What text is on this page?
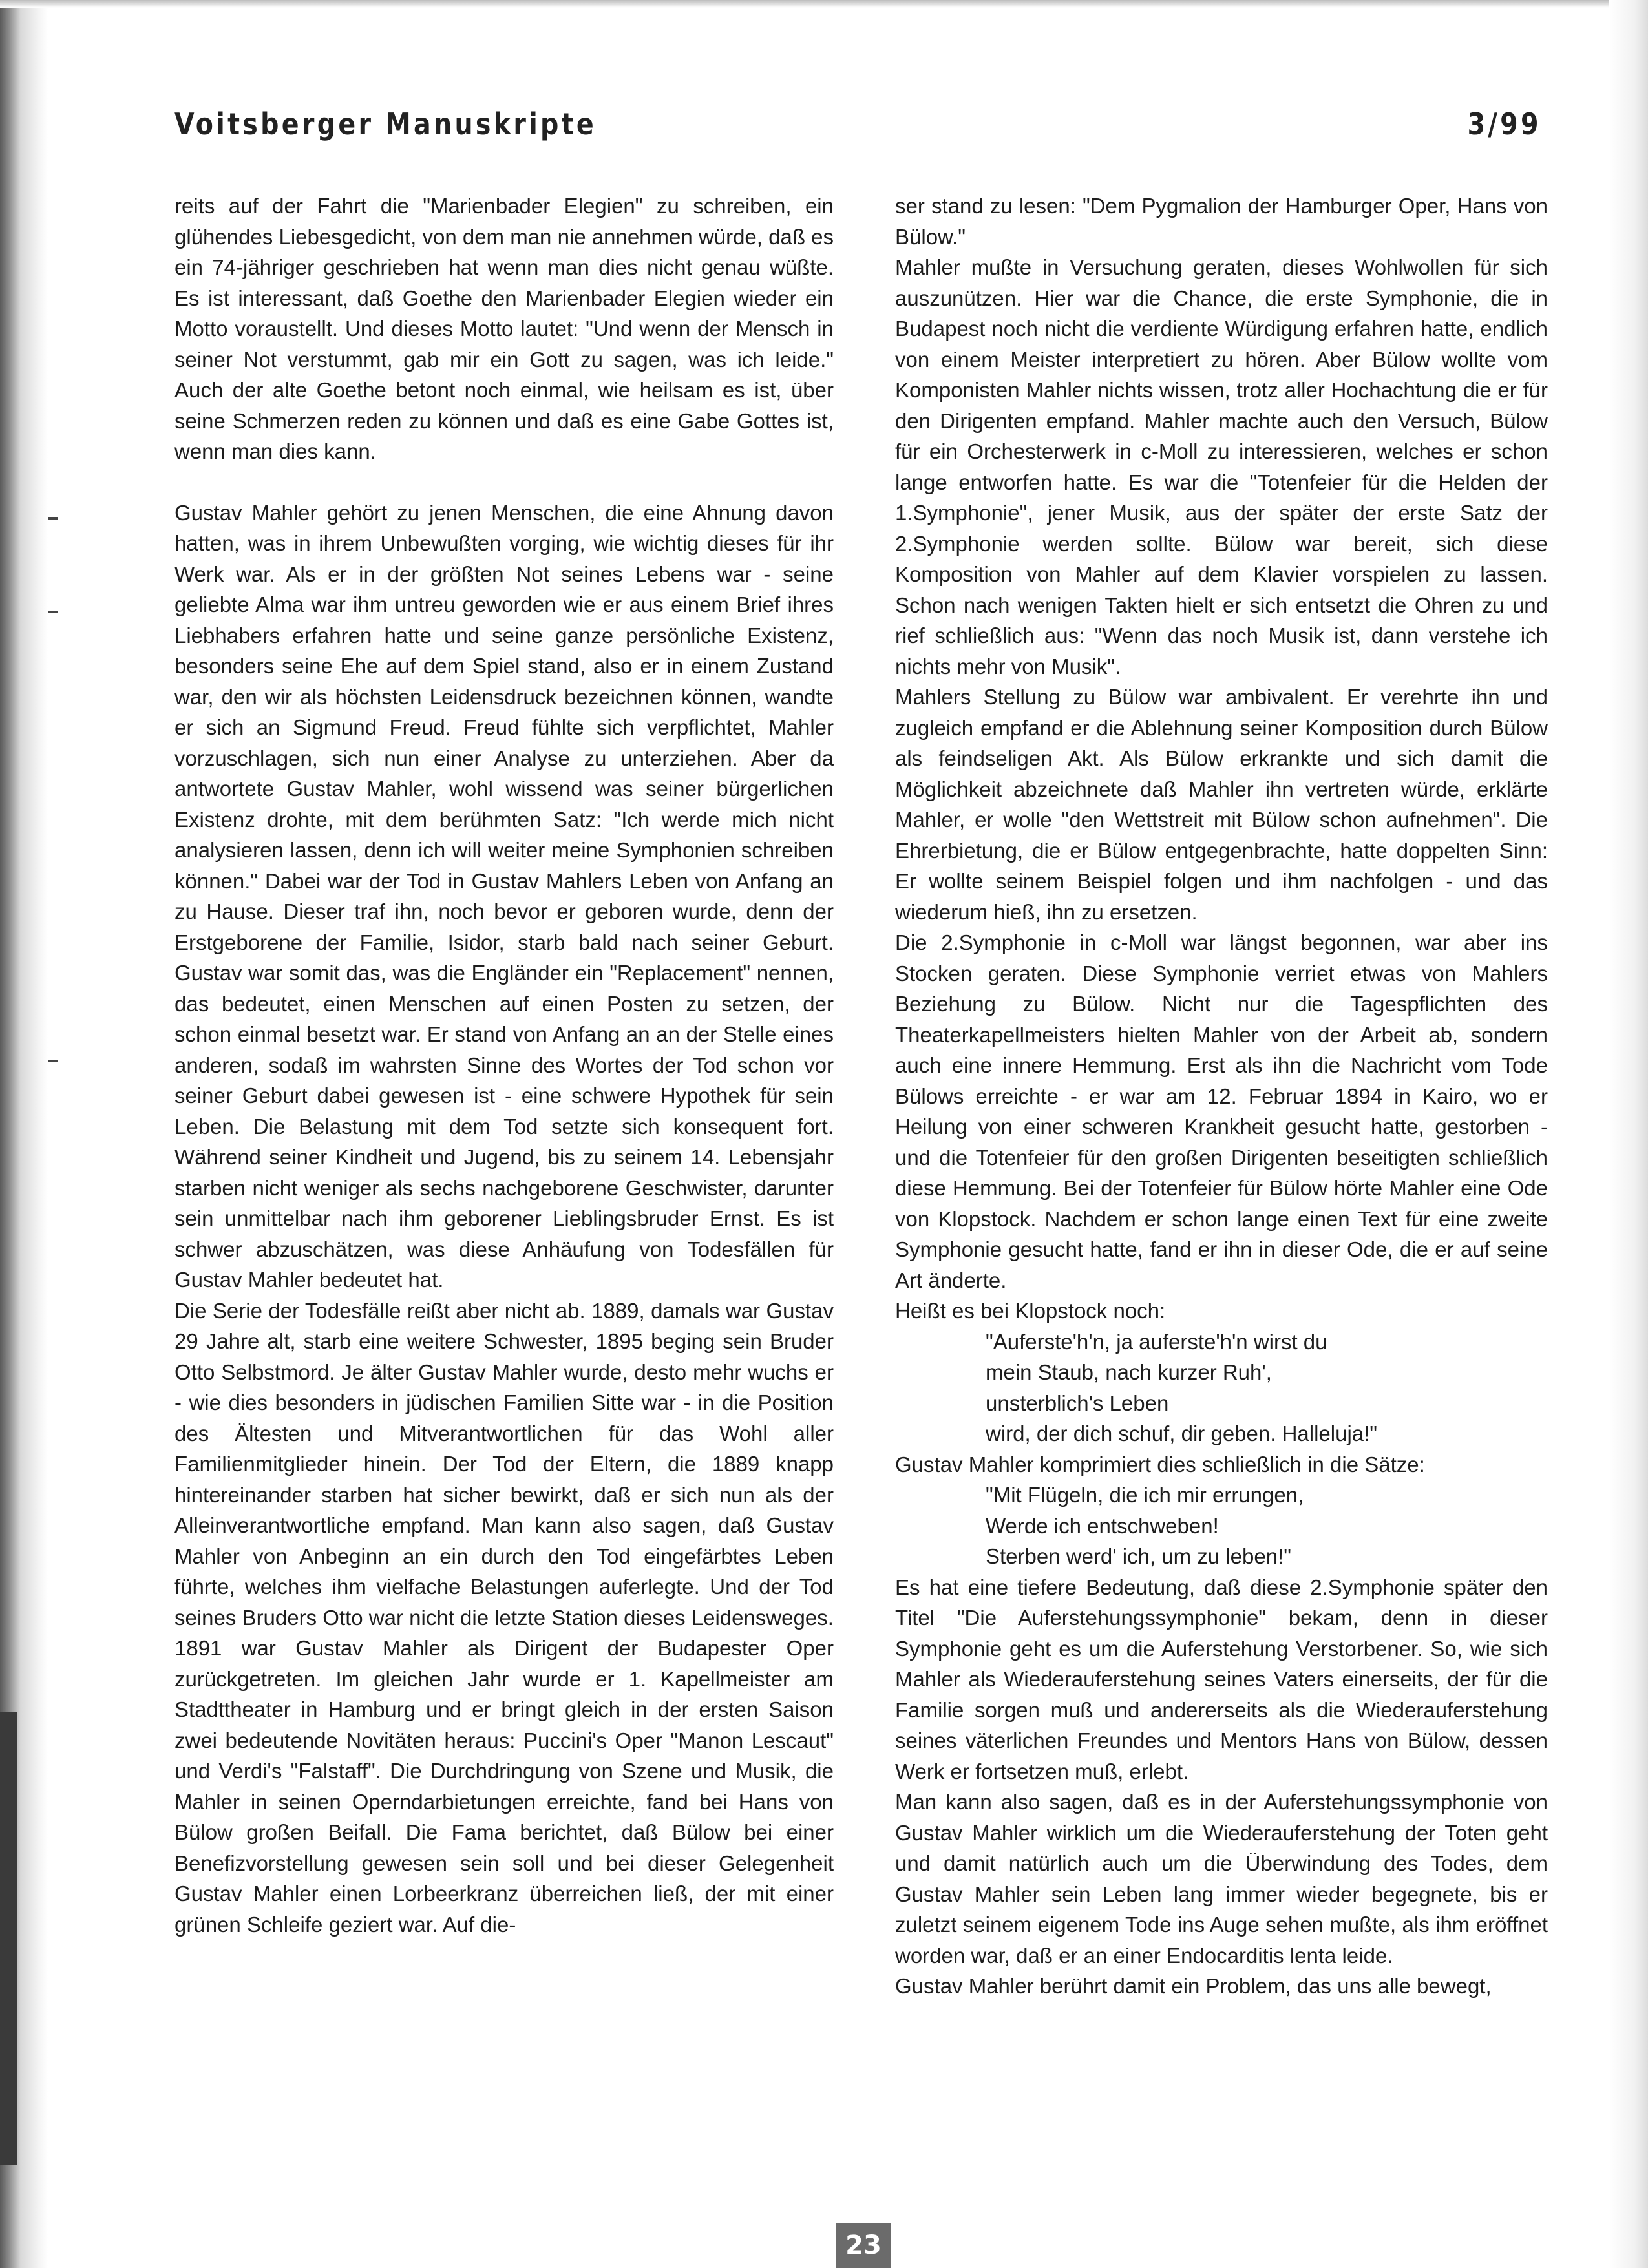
Voitsberger Manuskripte	3/99

reits auf der Fahrt die "Marienbader Elegien" zu schreiben, ein glühendes Liebesgedicht, von dem man nie annehmen würde, daß es ein 74-jähriger geschrieben hat wenn man dies nicht genau wüßte. Es ist interessant, daß Goethe den Marienbader Elegien wieder ein Motto voraustellt. Und dieses Motto lautet: "Und wenn der Mensch in seiner Not verstummt, gab mir ein Gott zu sagen, was ich leide." Auch der alte Goethe betont noch einmal, wie heilsam es ist, über seine Schmerzen reden zu können und daß es eine Gabe Gottes ist, wenn man dies kann.

Gustav Mahler gehört zu jenen Menschen, die eine Ahnung davon hatten, was in ihrem Unbewußten vorging, wie wichtig dieses für ihr Werk war. Als er in der größten Not seines Lebens war - seine geliebte Alma war ihm untreu geworden wie er aus einem Brief ihres Liebhabers erfahren hatte und seine ganze persönliche Existenz, besonders seine Ehe auf dem Spiel stand, also er in einem Zustand war, den wir als höchsten Leidensdruck bezeichnen können, wandte er sich an Sigmund Freud. Freud fühlte sich verpflichtet, Mahler vorzuschlagen, sich nun einer Analyse zu unterziehen. Aber da antwortete Gustav Mahler, wohl wissend was seiner bürgerlichen Existenz drohte, mit dem berühmten Satz: "Ich werde mich nicht analysieren lassen, denn ich will weiter meine Symphonien schreiben können." Dabei war der Tod in Gustav Mahlers Leben von Anfang an zu Hause. Dieser traf ihn, noch bevor er geboren wurde, denn der Erstgeborene der Familie, Isidor, starb bald nach seiner Geburt. Gustav war somit das, was die Engländer ein "Replacement" nennen, das bedeutet, einen Menschen auf einen Posten zu setzen, der schon einmal besetzt war. Er stand von Anfang an an der Stelle eines anderen, sodaß im wahrsten Sinne des Wortes der Tod schon vor seiner Geburt dabei gewesen ist - eine schwere Hypothek für sein Leben. Die Belastung mit dem Tod setzte sich konsequent fort. Während seiner Kindheit und Jugend, bis zu seinem 14. Lebensjahr starben nicht weniger als sechs nachgeborene Geschwister, darunter sein unmittelbar nach ihm geborener Lieblingsbruder Ernst. Es ist schwer abzuschätzen, was diese Anhäufung von Todesfällen für Gustav Mahler bedeutet hat.

Die Serie der Todesfälle reißt aber nicht ab. 1889, damals war Gustav 29 Jahre alt, starb eine weitere Schwester, 1895 beging sein Bruder Otto Selbstmord. Je älter Gustav Mahler wurde, desto mehr wuchs er - wie dies besonders in jüdischen Familien Sitte war - in die Position des Ältesten und Mitverantwortlichen für das Wohl aller Familienmitglieder hinein. Der Tod der Eltern, die 1889 knapp hintereinander starben hat sicher bewirkt, daß er sich nun als der Alleinverantwortliche empfand. Man kann also sagen, daß Gustav Mahler von Anbeginn an ein durch den Tod eingefärbtes Leben führte, welches ihm vielfache Belastungen auferlegte. Und der Tod seines Bruders Otto war nicht die letzte Station dieses Leidensweges.

1891 war Gustav Mahler als Dirigent der Budapester Oper zurückgetreten. Im gleichen Jahr wurde er 1. Kapellmeister am Stadttheater in Hamburg und er bringt gleich in der ersten Saison zwei bedeutende Novitäten heraus: Puccini's Oper "Manon Lescaut" und Verdi's "Falstaff". Die Durchdringung von Szene und Musik, die Mahler in seinen Operndarbietungen erreichte, fand bei Hans von Bülow großen Beifall. Die Fama berichtet, daß Bülow bei einer Benefizvorstellung gewesen sein soll und bei dieser Gelegenheit Gustav Mahler einen Lorbeerkranz überreichen ließ, der mit einer grünen Schleife geziert war. Auf die-

ser stand zu lesen: "Dem Pygmalion der Hamburger Oper, Hans von Bülow."

Mahler mußte in Versuchung geraten, dieses Wohlwollen für sich auszunützen. Hier war die Chance, die erste Symphonie, die in Budapest noch nicht die verdiente Würdigung erfahren hatte, endlich von einem Meister interpretiert zu hören. Aber Bülow wollte vom Komponisten Mahler nichts wissen, trotz aller Hochachtung die er für den Dirigenten empfand. Mahler machte auch den Versuch, Bülow für ein Orchesterwerk in c-Moll zu interessieren, welches er schon lange entworfen hatte. Es war die "Totenfeier für die Helden der 1.Symphonie", jener Musik, aus der später der erste Satz der 2.Symphonie werden sollte. Bülow war bereit, sich diese Komposition von Mahler auf dem Klavier vorspielen zu lassen. Schon nach wenigen Takten hielt er sich entsetzt die Ohren zu und rief schließlich aus: "Wenn das noch Musik ist, dann verstehe ich nichts mehr von Musik".

Mahlers Stellung zu Bülow war ambivalent. Er verehrte ihn und zugleich empfand er die Ablehnung seiner Komposition durch Bülow als feindseligen Akt. Als Bülow erkrankte und sich damit die Möglichkeit abzeichnete daß Mahler ihn vertreten würde, erklärte Mahler, er wolle "den Wettstreit mit Bülow schon aufnehmen". Die Ehrerbietung, die er Bülow entgegenbrachte, hatte doppelten Sinn: Er wollte seinem Beispiel folgen und ihm nachfolgen - und das wiederum hieß, ihn zu ersetzen.

Die 2.Symphonie in c-Moll war längst begonnen, war aber ins Stocken geraten. Diese Symphonie verriet etwas von Mahlers Beziehung zu Bülow. Nicht nur die Tagespflichten des Theaterkapellmeisters hielten Mahler von der Arbeit ab, sondern auch eine innere Hemmung. Erst als ihn die Nachricht vom Tode Bülows erreichte - er war am 12. Februar 1894 in Kairo, wo er Heilung von einer schweren Krankheit gesucht hatte, gestorben - und die Totenfeier für den großen Dirigenten beseitigten schließlich diese Hemmung. Bei der Totenfeier für Bülow hörte Mahler eine Ode von Klopstock. Nachdem er schon lange einen Text für eine zweite Symphonie gesucht hatte, fand er ihn in dieser Ode, die er auf seine Art änderte.

Heißt es bei Klopstock noch:

"Auferste'h'n, ja auferste'h'n wirst du
mein Staub, nach kurzer Ruh',
unsterblich's Leben
wird, der dich schuf, dir geben. Halleluja!"

Gustav Mahler komprimiert dies schließlich in die Sätze:

"Mit Flügeln, die ich mir errungen,
Werde ich entschweben!
Sterben werd' ich, um zu leben!"

Es hat eine tiefere Bedeutung, daß diese 2.Symphonie später den Titel "Die Auferstehungssymphonie" bekam, denn in dieser Symphonie geht es um die Auferstehung Verstorbener. So, wie sich Mahler als Wiederauferstehung seines Vaters einerseits, der für die Familie sorgen muß und andererseits als die Wiederauferstehung seines väterlichen Freundes und Mentors Hans von Bülow, dessen Werk er fortsetzen muß, erlebt.

Man kann also sagen, daß es in der Auferstehungssymphonie von Gustav Mahler wirklich um die Wiederauferstehung der Toten geht und damit natürlich auch um die Überwindung des Todes, dem Gustav Mahler sein Leben lang immer wieder begegnete, bis er zuletzt seinem eigenem Tode ins Auge sehen mußte, als ihm eröffnet worden war, daß er an einer Endocarditis lenta leide.

Gustav Mahler berührt damit ein Problem, das uns alle bewegt,

23
